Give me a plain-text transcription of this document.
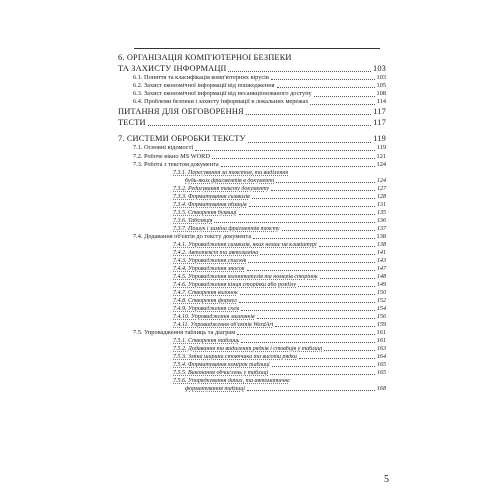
6. ОРГАНІЗАЦІЯ КОМП'ЮТЕРНОЇ БЕЗПЕКИ
ТА ЗАХИСТУ ІНФОРМАЦІЇ	103
6.1. Поняття та класифікація комп'ютерних вірусів	103
6.2. Захист економічної інформації від пошкодження	105
6.3. Захист економічної інформації від несанкціонованого доступу	108
6.4. Проблеми безпеки і захисту інформації в локальних мережах	114
ПИТАННЯ ДЛЯ ОБГОВОРЕННЯ	117
ТЕСТИ	117
7. СИСТЕМИ ОБРОБКИ ТЕКСТУ	119
7.1. Основні відомості	119
7.2. Робоче вікно MS WORD	121
7.3. Робота з текстом документа	124
7.3.1. Пересування за текстом, та виділення
будь-яких фрагментів в документі	124
7.3.2. Редагування тексту документу	127
7.3.3. Форматування символів	128
7.3.4. Форматування абзаців	131
7.3.5. Створення буквиці	135
7.3.6. Табуляція	136
7.3.7. Пошук і заміна фрагментів тексту	137
7.4. Додавання об'єктів до тексту документа	138
7.4.1. Упровадження символів, яких немає на клавіатурі	138
7.4.2. Автотекст та автозаміна	141
7.4.3. Упровадження списків	143
7.4.4. Упровадження зносок	147
7.4.5. Упровадження колонтитулів та номерів сторінок	148
7.4.6. Упровадження кінця сторінки або розділу	149
7.4.7. Створення колонок	150
7.4.8. Створення формул	152
7.4.9. Упровадження схем	154
7.4.10. Упровадження малюнків	156
7.4.11. Упровадження об'єктів WordArt	159
7.5. Упровадження таблиць та діаграм	161
7.5.1. Створення таблиць	161
7.5.2. Додавання та видалення рядків і стовбців у таблиці	163
7.5.3. Зміна ширини стовпчика та висоти рядка	164
7.5.4. Форматування комірок таблиці	165
7.5.5. Виконання обчислень у таблиці	165
7.5.6. Упорядкування даних, та автоматичне
форматування таблиці	168
5
